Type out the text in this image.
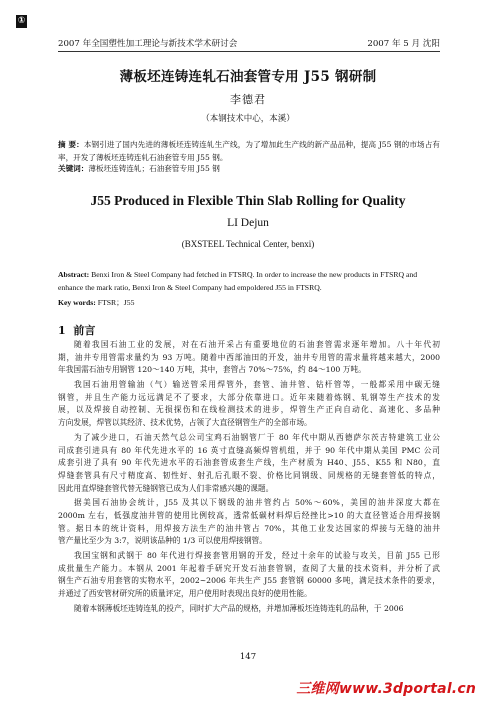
①
2007 年全国塑性加工理论与新技术学术研讨会	2007 年 5 月 沈阳
薄板坯连铸连轧石油套管专用 J55 钢研制
李德君
（本钢技术中心，本溪）
摘 要：本钢引进了国内先进的薄板坯连铸连轧生产线，为了增加此生产线的新产品品种，提高 J55 钢的市场占有率，开发了薄板坯连铸连轧石油套管专用 J55 钢。
关键词：薄板坯连铸连轧；石油套管专用 J55 钢
J55 Produced in Flexible Thin Slab Rolling for Quality
LI Dejun
(BXSTEEL Technical Center, benxi)
Abstract: Benxi Iron & Steel Company had fetched in FTSRQ. In order to increase the new products in FTSRQ and enhance the mark ratio, Benxi Iron & Steel Company had empoldered J55 in FTSRQ.
Key words: FTSR；J55
1 前言
随着我国石油工业的发展，对在石油开采占有重要地位的石油套管需求逐年增加。八十年代初
期，油井专用管需求量约为 93 万吨。随着中西部油田的开发，油井专用管的需求量将越来越大，2000
年我国需石油专用钢管 120～140 万吨，其中，套管占 70%～75%，约 84～100 万吨。
我国石油用管输油（气）输送管采用焊管外，套管、油井管、钻杆管等，一般都采用中碳无缝
钢管，并且生产能力远远满足不了要求，大部分依靠进口。近年来随着炼钢、轧钢等生产技术的发
展，以及焊接自动控制、无损探伤和在线检测技术的进步，焊管生产正向自动化、高速化、多品种
方向发展，焊管以其经济、技术优势，占领了大直径钢管生产的全部市场。
为了减少进口，石油天然气总公司宝鸡石油钢管厂于 80 年代中期从西德萨尔茨吉特建筑工业公
司成套引进具有 80 年代先进水平的 16 英寸直缝高频焊管机组，并于 90 年代中期从美国 PMC 公司
成套引进了具有 90 年代先进水平的石油套管成套生产线，生产材质为 H40、J55、K55 和 N80，直
焊缝套管具有尺寸精度高、韧性好、射孔后孔眼不裂、价格比同钢级、同规格的无缝套管低的特点，
因此用直焊缝套管代替无缝钢管已成为人们非常感兴趣的课题。
据美国石油协会统计，J55 及其以下钢级的油井管约占 50%～60%，美国的油井深度大都在
2000m 左右，低强度油井管的使用比例较高，透常低碳材料焊后经挫比>10 的大直径管适合用焊接钢
管。据日本的统计资料，用焊接方法生产的油井管占 70%，其他工业发达国家的焊接与无缝的油井
管产量比至少为 3:7，说明该品种的 1/3 可以使用焊接钢管。
我国宝钢和武钢于 80 年代进行焊接套管用钢的开发，经过十余年的试验与攻关，目前 J55 已形
成批量生产能力。本钢从 2001 年起着手研究开发石油套管钢，查阅了大量的技术资料，并分析了武
钢生产石油专用套管的实物水平，2002~2006 年共生产 J55 套管钢 60000 多吨，满足技术条件的要求，
并通过了西安管材研究所的质量评定，用户使用时表现出良好的使用性能。
随着本钢薄板坯连铸连轧的投产，同时扩大产品的规格，并增加薄板坯连铸连轧的品种，于 2006
147
三维网www.3dportal.cn
